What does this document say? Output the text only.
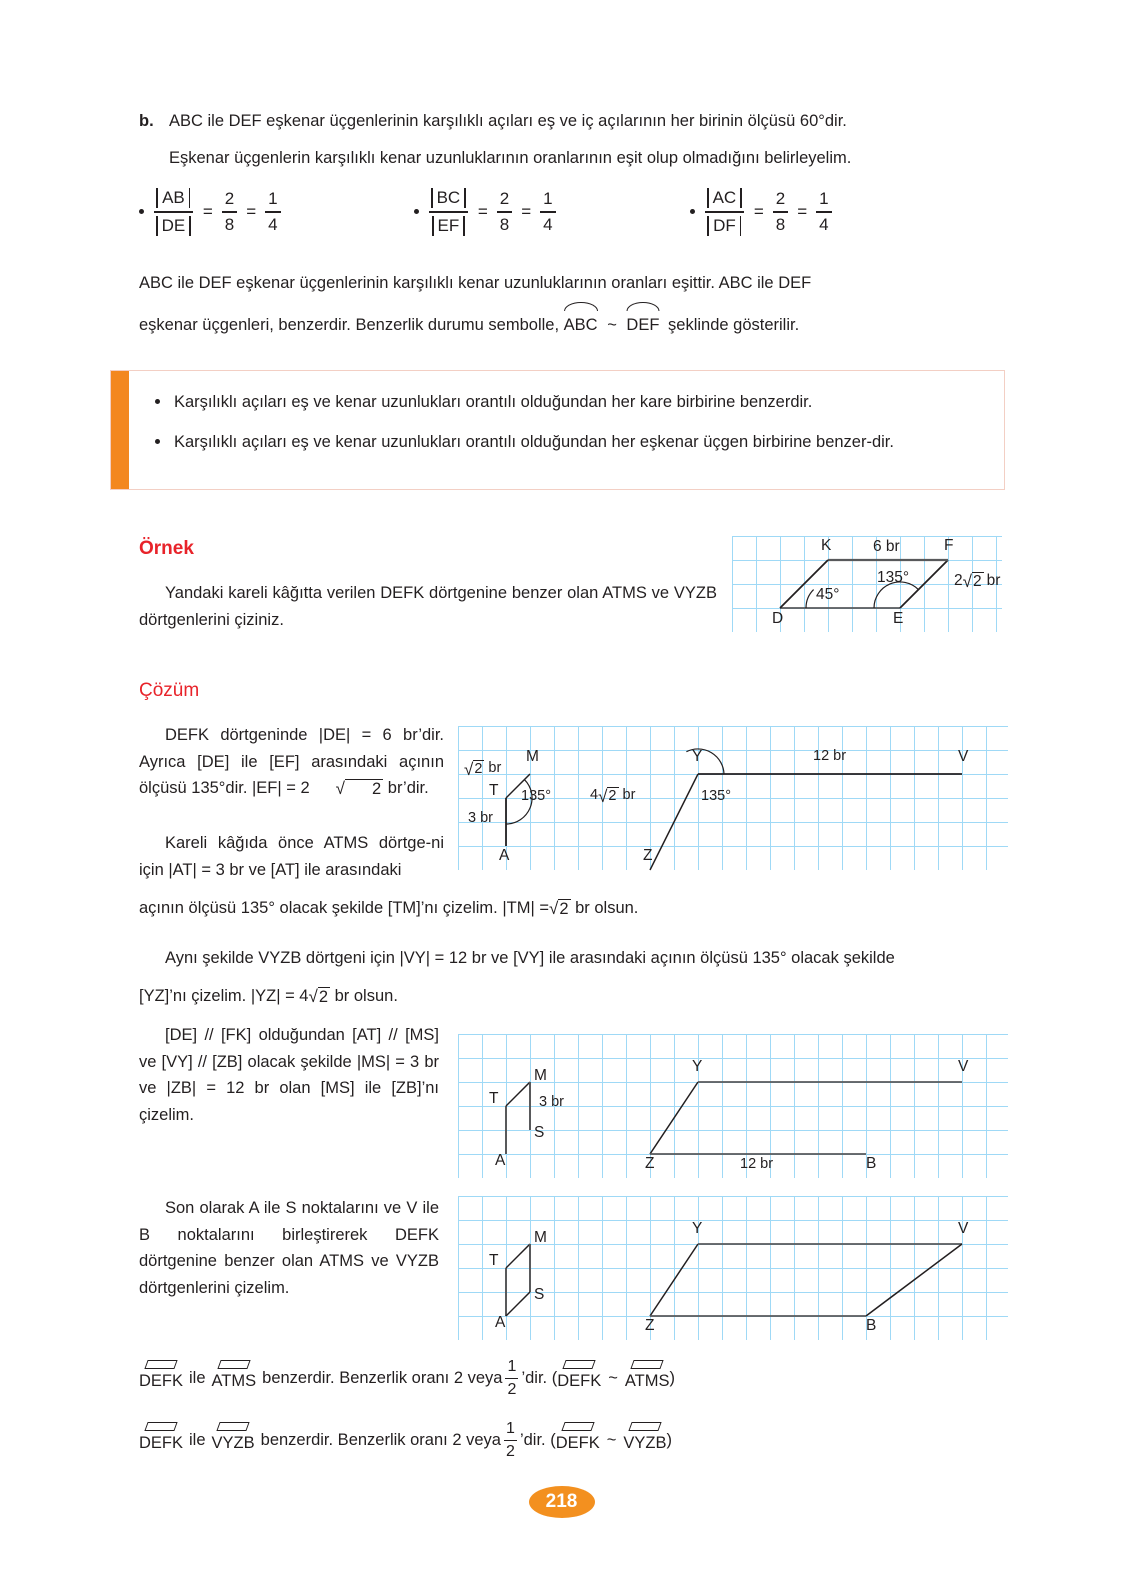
b. ABC ile DEF eşkenar üçgenlerinin karşılıklı açıları eş ve iç açılarının her birinin ölçüsü 60°dir.
Eşkenar üçgenlerin karşılıklı kenar uzunluklarının oranlarının eşit olup olmadığını belirleyelim.
$\frac{AB}{DE}$ =
2
8
=
1
4	$\frac{BC}{EF}$ =
2
8
=
1
4	$\frac{AC}{DF}$ =
2
8
=
1
4
ABC ile DEF eşkenar üçgenlerinin karşılıklı kenar uzunluklarının oranları eşittir. ABC ile DEF
eşkenar üçgenleri, benzerdir. Benzerlik durumu sembolle, ABC ~ DEF şeklinde gösterilir.
Karşılıklı açıları eş ve kenar uzunlukları orantılı olduğundan her kare birbirine benzerdir.
Karşılıklı açıları eş ve kenar uzunlukları orantılı olduğundan her eşkenar üçgen birbirine benzer-dir.
Örnek
Yandaki kareli kâğıtta verilen DEFK dörtgenine benzer olan ATMS ve VYZB dörtgenlerini çiziniz.	D	E
F
K	6 br
45°
135°	2 √ 2 br
Çözüm
DEFK dörtgeninde |DE| = 6 br’dir. Ayrıca [DE] ile [EF] arasındaki açının ölçüsü 135°dir. |EF| = 2	√	2 br’dir.
Kareli kâğıda önce ATMS dörtge-ni için |AT| = 3 br ve [AT] ile arasındaki
açının ölçüsü 135° olacak şekilde [TM]’nı çizelim. |TM| = √ 2 br olsun.
Aynı şekilde VYZB dörtgeni için |VY| = 12 br ve [VY] ile arasındaki açının ölçüsü 135° olacak şekilde
[YZ]’nı çizelim. |YZ| = 4 √ 2 br olsun.
A
T
M
3 br
135°
√ 2 br
Z
Y	V
135°
12 br
4 √ 2 br
[DE] // [FK] olduğundan [AT] // [MS] ve [VY] // [ZB] olacak şekilde |MS| = 3 br ve |ZB| = 12 br olan [MS] ile [ZB]’nı çizelim.
A
T
M
S
3 br
Z
Y	V
B
12 br
Son olarak A ile S noktalarını ve V ile B noktalarını birleştirerek DEFK dörtgenine benzer olan ATMS ve VYZB dörtgenlerini çizelim.
A
T
M
S
Z
Y	V
B
DEFK ile ATMS benzerdir. Benzerlik oranı 2 veya
1
2
’dir. ( DEFK ~ ATMS )
DEFK ile VYZB benzerdir. Benzerlik oranı 2 veya
1
2
’dir. ( DEFK ~ VYZB )
218
